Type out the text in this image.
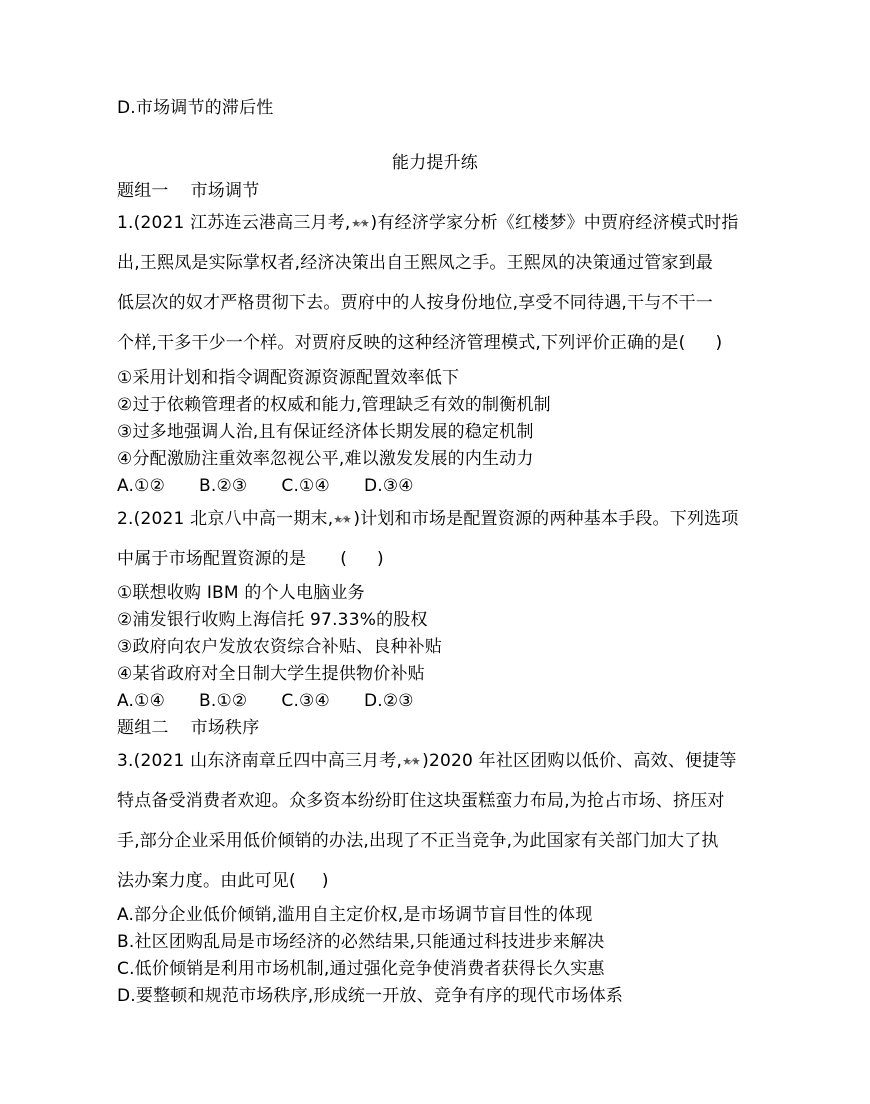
D.市场调节的滞后性
能力提升练
题组一 市场调节
1.(2021 江苏连云港高三月考, )有经济学家分析《红楼梦》中贾府经济模式时指
出,王熙凤是实际掌权者,经济决策出自王熙凤之手。王熙凤的决策通过管家到最
低层次的奴才严格贯彻下去。贾府中的人按身份地位,享受不同待遇,干与不干一
个样,干多干少一个样。对贾府反映的这种经济管理模式,下列评价正确的是( )
①采用计划和指令调配资源资源配置效率低下
②过于依赖管理者的权威和能力,管理缺乏有效的制衡机制
③过多地强调人治,且有保证经济体长期发展的稳定机制
④分配激励注重效率忽视公平,难以激发发展的内生动力
A.①② B.②③ C.①④ D.③④
2.(2021 北京八中高一期末, )计划和市场是配置资源的两种基本手段。下列选项
中属于市场配置资源的是 ( )
①联想收购 IBM 的个人电脑业务
②浦发银行收购上海信托 97.33%的股权
③政府向农户发放农资综合补贴、良种补贴
④某省政府对全日制大学生提供物价补贴
A.①④ B.①② C.③④ D.②③
题组二 市场秩序
3.(2021 山东济南章丘四中高三月考, )2020 年社区团购以低价、高效、便捷等
特点备受消费者欢迎。众多资本纷纷盯住这块蛋糕蛮力布局,为抢占市场、挤压对
手,部分企业采用低价倾销的办法,出现了不正当竞争,为此国家有关部门加大了执
法办案力度。由此可见( )
A.部分企业低价倾销,滥用自主定价权,是市场调节盲目性的体现
B.社区团购乱局是市场经济的必然结果,只能通过科技进步来解决
C.低价倾销是利用市场机制,通过强化竞争使消费者获得长久实惠
D.要整顿和规范市场秩序,形成统一开放、竞争有序的现代市场体系
